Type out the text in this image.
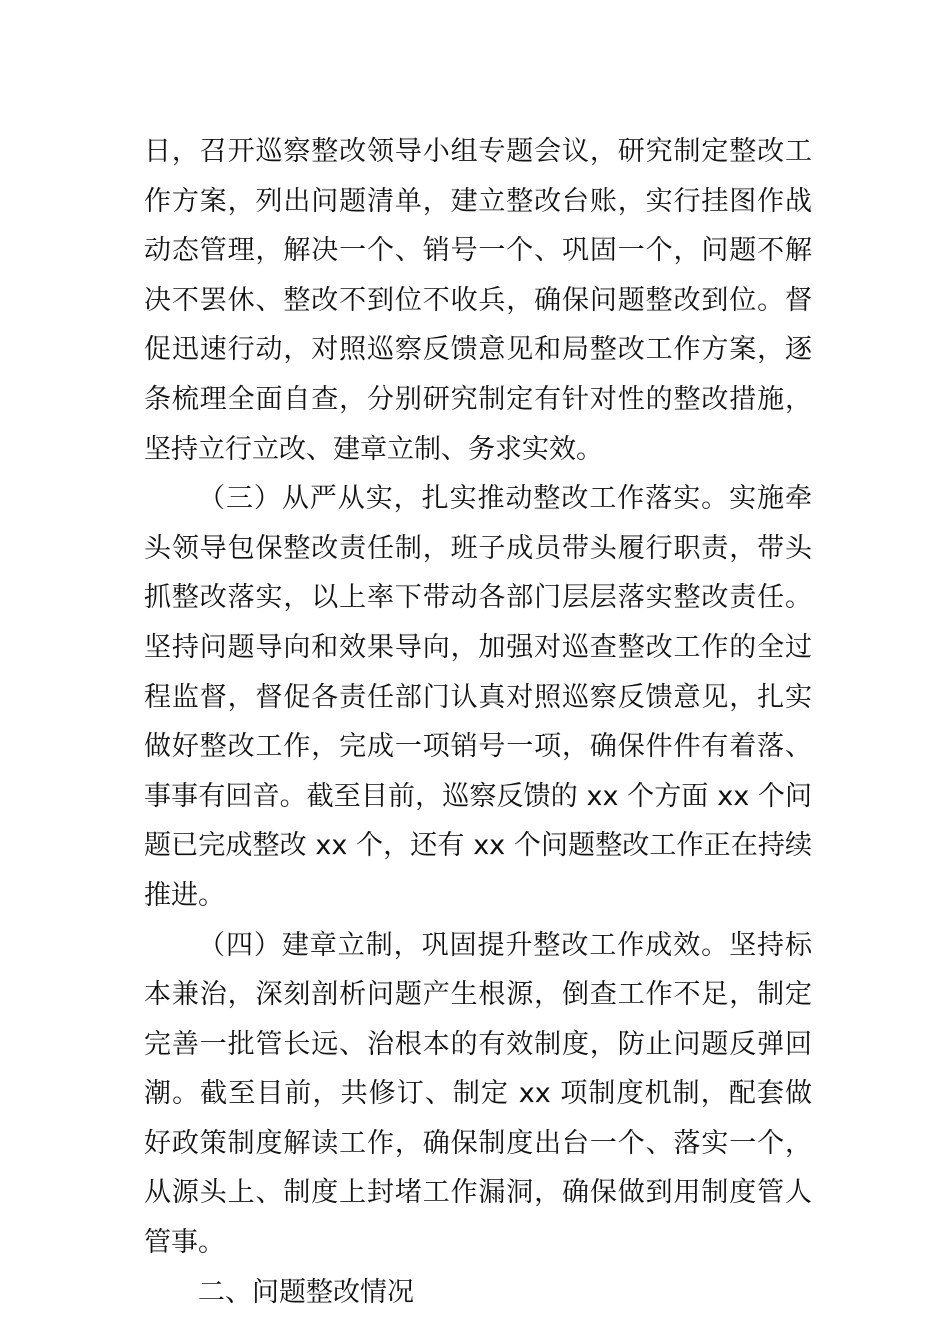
日，召开巡察整改领导小组专题会议，研究制定整改工作方案，列出问题清单，建立整改台账，实行挂图作战动态管理，解决一个、销号一个、巩固一个，问题不解决不罢休、整改不到位不收兵，确保问题整改到位。督促迅速行动，对照巡察反馈意见和局整改工作方案，逐条梳理全面自查，分别研究制定有针对性的整改措施，坚持立行立改、建章立制、务求实效。

（三）从严从实，扎实推动整改工作落实。实施牵头领导包保整改责任制，班子成员带头履行职责，带头抓整改落实，以上率下带动各部门层层落实整改责任。坚持问题导向和效果导向，加强对巡查整改工作的全过程监督，督促各责任部门认真对照巡察反馈意见，扎实做好整改工作，完成一项销号一项，确保件件有着落、事事有回音。截至目前，巡察反馈的 xx 个方面 xx 个问题已完成整改 xx 个，还有 xx 个问题整改工作正在持续推进。

（四）建章立制，巩固提升整改工作成效。坚持标本兼治，深刻剖析问题产生根源，倒查工作不足，制定完善一批管长远、治根本的有效制度，防止问题反弹回潮。截至目前，共修订、制定 xx 项制度机制，配套做好政策制度解读工作，确保制度出台一个、落实一个，从源头上、制度上封堵工作漏洞，确保做到用制度管人管事。

二、问题整改情况
